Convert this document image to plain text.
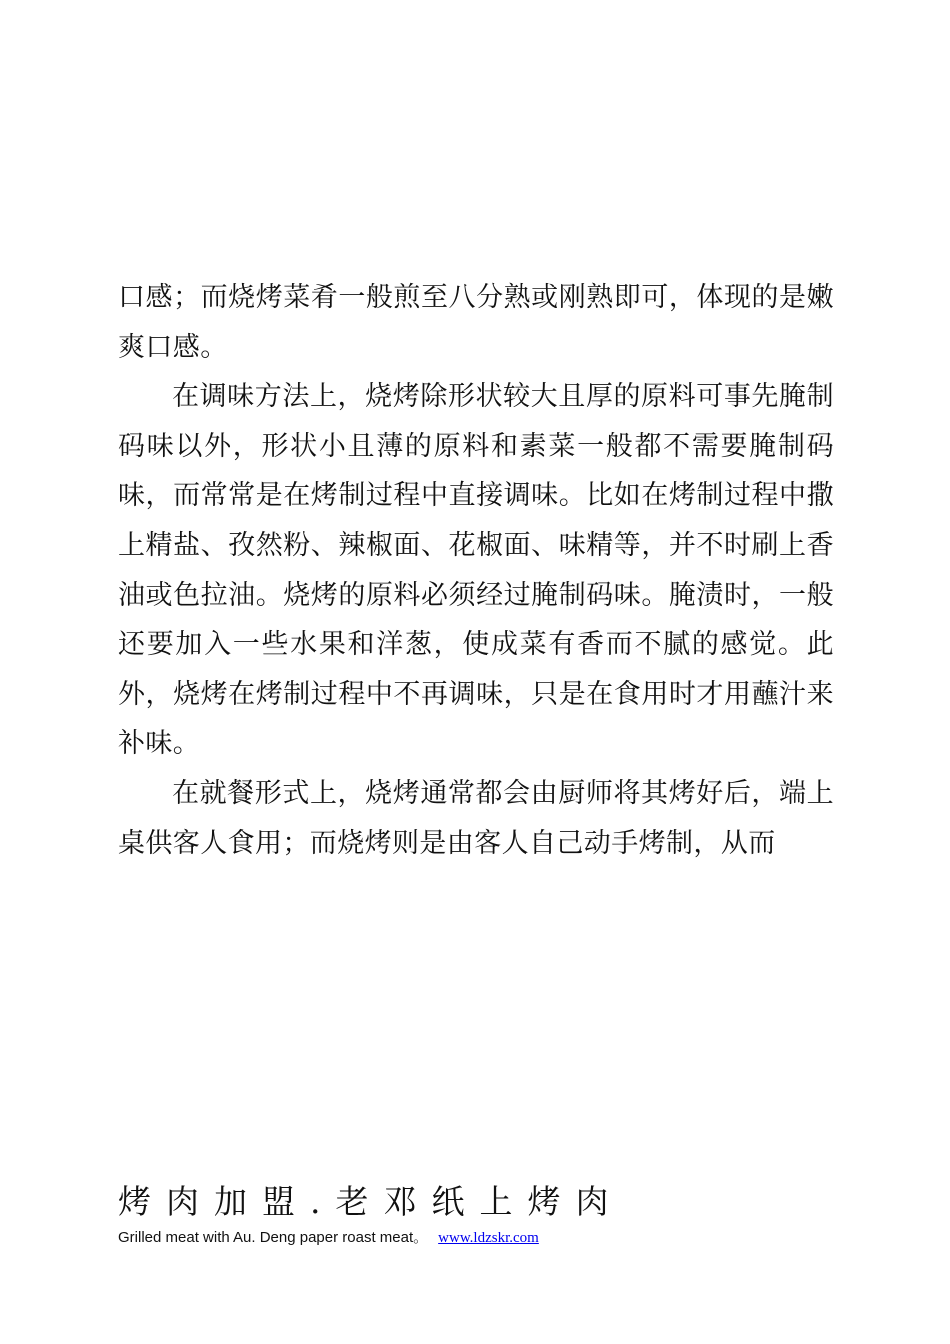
口感；而烧烤菜肴一般煎至八分熟或刚熟即可，体现的是嫩爽口感。

在调味方法上，烧烤除形状较大且厚的原料可事先腌制码味以外，形状小且薄的原料和素菜一般都不需要腌制码味，而常常是在烤制过程中直接调味。比如在烤制过程中撒上精盐、孜然粉、辣椒面、花椒面、味精等，并不时刷上香油或色拉油。烧烤的原料必须经过腌制码味。腌渍时，一般还要加入一些水果和洋葱，使成菜有香而不腻的感觉。此外，烧烤在烤制过程中不再调味，只是在食用时才用蘸汁来补味。

在就餐形式上，烧烤通常都会由厨师将其烤好后，端上桌供客人食用；而烧烤则是由客人自己动手烤制，从而

烤肉加盟.老邓纸上烤肉
Grilled meat with Au. Deng paper roast meat。 www.ldzskr.com
